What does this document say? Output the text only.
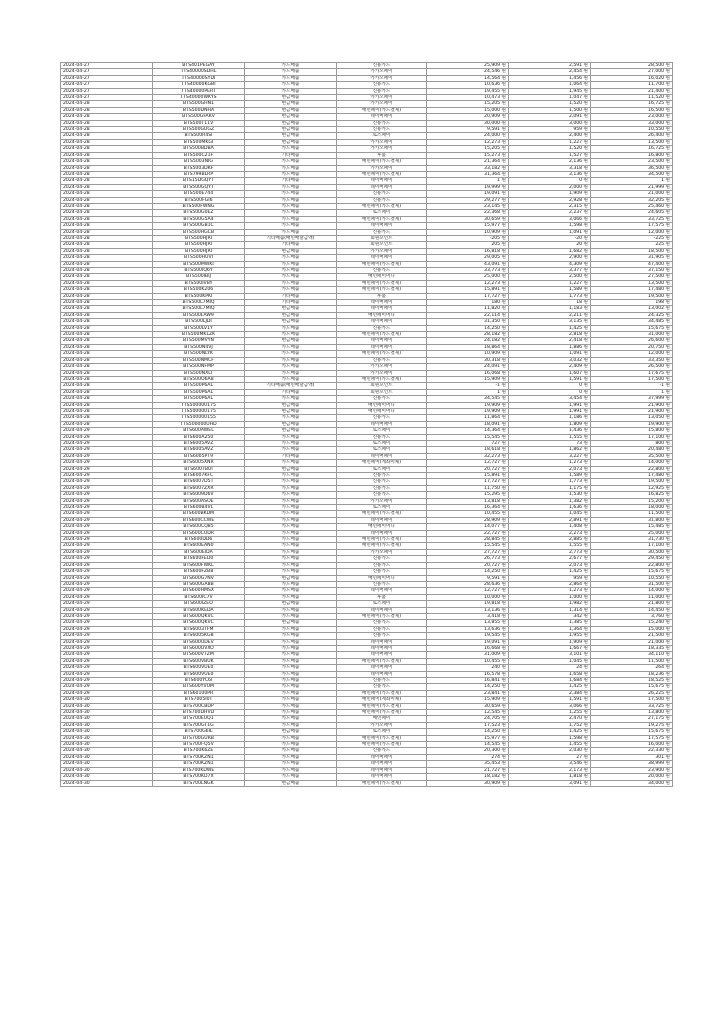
2024-04-27	BTS401PEGAY	카드매출	신용카드	25,909 원	2,591 원	28,500 원
2024-04-27	TTS40000SDHL	카드매출	카카오페이	24,546 원	2,454 원	27,000 원
2024-04-27	TTS40000SYDI	카드매출	카카오페이	14,564 원	1,456 원	16,020 원
2024-04-27	TTS40000KGBI	카드매출	신용카드	10,636 원	1,064 원	11,700 원
2024-04-27	TTS40000PERT	카드매출	신용카드	19,455 원	1,945 원	21,400 원
2024-04-27	TTS40000WKYS	현금매출	카카오페이	10,473 원	1,047 원	11,520 원
2024-04-28	BTS500GHN1	현금매출	카카오페이	15,205 원	1,520 원	16,725 원
2024-04-28	BTS500DNHA	현금매출	배민페이(카드결제)	15,000 원	1,500 원	16,500 원
2024-04-28	BTS500GFAKV	현금매출	네이버페이	20,909 원	2,091 원	23,000 원
2024-04-28	BTS500T11V	현금매출	신용카드	30,000 원	3,000 원	33,000 원
2024-04-28	BTS500GUGZ	현금매출	신용카드	9,591 원	959 원	10,550 원
2024-04-28	BTS500R4SI	현금매출	토스페이	24,000 원	2,400 원	26,400 원
2024-04-28	BTS500MKGI	현금매출	카카오페이	12,273 원	1,227 원	13,500 원
2024-04-28	BTS500BDBA	카드매출	카카오페이	15,205 원	1,520 원	16,725 원
2024-04-28	BTS500C21F	기타매출	후불	15,273 원	1,527 원	16,800 원
2024-04-28	BTS5003NIG	카드매출	배민페이(카드결제)	21,364 원	2,136 원	23,500 원
2024-04-28	BTS5003DKF	카드매출	카카오페이	33,182 원	3,318 원	36,500 원
2024-04-28	BTS799BLRP	카드매출	배민페이(카드결제)	31,364 원	3,136 원	34,500 원
2024-04-28	BTS15DGQYT	기타매출	네이버페이	1 원	0 원	1 원
2024-04-28	BTS500GQYT	카드매출	네이버페이	19,999 원	2,000 원	21,999 원
2024-04-28	BTS500E744	카드매출	신용카드	19,091 원	1,909 원	21,000 원
2024-04-28	BTS500FGI6	카드매출	신용카드	29,277 원	2,928 원	32,205 원
2024-04-28	BTS500FWNG	카드매출	배민페이(카드결제)	23,145 원	2,315 원	25,460 원
2024-04-28	BTS500G0EZ	카드매출	토스페이	22,368 원	2,237 원	24,605 원
2024-04-28	BTS500G5A4	카드매출	배민페이(카드결제)	30,659 원	3,066 원	33,725 원
2024-04-28	BTS500GB1C	카드매출	네이버페이	15,977 원	1,598 원	17,575 원
2024-04-28	BTS500HGCB	카드매출	신용카드	10,909 원	1,091 원	12,000 원
2024-04-28	BTS500HJRI	기타매출(배민배달금액)	회원포인트	-205 원	-20 원	-225 원
2024-04-28	BTS500HJRI	기타매출	회원포인트	205 원	20 원	225 원
2024-04-28	BTS500HJRI	현금매출	카카오페이	16,818 원	1,682 원	18,500 원
2024-04-28	BTS500HUVI	카드매출	네이버페이	29,005 원	2,900 원	31,905 원
2024-04-28	BTS500MWKI	카드매출	배민페이(카드결제)	43,091 원	4,309 원	47,400 원
2024-04-28	BTS500IQ6Y	카드매출	신용카드	33,773 원	3,377 원	37,150 원
2024-04-28	BTS500IBIJ	카드매출	배민페이머니	25,000 원	2,500 원	27,500 원
2024-04-28	BTS500IVBY	카드매출	배민페이(카드결제)	12,273 원	1,227 원	13,500 원
2024-04-28	BTS500K206	카드매출	배민페이(카드결제)	15,891 원	1,589 원	17,480 원
2024-04-28	BTS500KPKI	기타매출	후불	17,727 원	1,773 원	19,500 원
2024-04-28	BTS500L7MIQ	기타매출	네이버페이	180 원	18 원	198 원
2024-04-28	BTS500L7MIQ	현금매출	네이버페이	11,820 원	1,183 원	13,002 원
2024-04-28	BTS500LAW9	현금매출	배민페이머니	22,114 원	2,211 원	24,325 원
2024-04-28	BTS500LJDI	현금매출	네이버페이	31,350 원	3,135 원	34,485 원
2024-04-28	BTS500LV1Y	카드매출	신용카드	14,250 원	1,425 원	15,675 원
2024-04-28	BTS500MKLZK	카드매출	배민페이(카드결제)	28,182 원	2,818 원	31,000 원
2024-04-28	BTS500MVYN	현금매출	네이버페이	24,182 원	2,418 원	26,600 원
2024-04-28	BTS500N4VJ	카드매출	네이버페이	18,864 원	1,886 원	20,750 원
2024-04-28	BTS500NLYK	카드매출	배민페이(카드결제)	10,909 원	1,091 원	12,000 원
2024-04-28	BTS500NMCF	카드매출	신용카드	30,318 원	3,032 원	33,350 원
2024-04-28	BTS500NFMP	카드매출	카카오페이	24,091 원	2,409 원	26,500 원
2024-04-28	BTS500NXLT	카드매출	카카오페이	16,068 원	1,607 원	17,675 원
2024-04-28	BTS500O6A8	카드매출	배민페이(카드결제)	15,909 원	1,591 원	17,500 원
2024-04-28	BTS500P6AL	기타매출(배민배달금액)	회원포인트	-1 원	0 원	-1 원
2024-04-28	BTS500P6AL	기타매출	회원포인트	1 원	0 원	1 원
2024-04-28	BTS500P6AL	카드매출	신용카드	34,545 원	3,454 원	37,999 원
2024-04-28	TTS500000175	현금매출	배민페이머니	19,909 원	1,991 원	21,900 원
2024-04-28	TTS500000175	현금매출	배민페이머니	19,909 원	1,991 원	21,900 원
2024-04-28	TTS500000155	카드매출	신용카드	11,864 원	1,186 원	13,050 원
2024-04-28	TTS500000UHD	현금매출	네이버페이	18,091 원	1,809 원	19,900 원
2024-04-29	BTS600AWEL	현금매출	토스페이	14,364 원	1,436 원	15,800 원
2024-04-29	BTS600A250	카드매출	신용카드	15,545 원	1,555 원	17,100 원
2024-04-29	BTS6005AVZ	카드매출	토스페이	727 원	73 원	800 원
2024-04-29	BTS6005AVZ	카드매출	토스페이	18,618 원	1,862 원	20,480 원
2024-04-29	BTS6005PT9	기타매출	네이버페이	32,273 원	3,227 원	35,500 원
2024-04-29	BTS6005XNR	카드매출	배민페이(계좌이체)	12,727 원	1,273 원	14,000 원
2024-04-29	BTS6007BUI	현금매출	토스페이	20,727 원	2,073 원	22,800 원
2024-04-29	BTS6007KFC	카드매출	신용카드	15,891 원	1,589 원	17,480 원
2024-04-29	BTS6007D5T	카드매출	신용카드	17,727 원	1,773 원	19,500 원
2024-04-29	BTS6007ZXR	카드매출	신용카드	11,750 원	1,175 원	12,925 원
2024-04-29	BTS6009D6V	카드매출	신용카드	15,295 원	1,530 원	16,825 원
2024-04-29	BTS600ASOE	카드매출	카카오페이	13,818 원	1,382 원	15,200 원
2024-04-29	BTS600B4VL	카드매출	토스페이	16,364 원	1,636 원	18,000 원
2024-04-29	BTS600BKDM	카드매출	배민페이(카드결제)	10,455 원	1,045 원	11,500 원
2024-04-29	BTS600CCWE	카드매출	네이버페이	28,909 원	2,891 원	31,800 원
2024-04-29	BTS600CQ85	카드매출	배민페이머니	14,077 원	1,408 원	15,485 원
2024-04-29	BTS600CUDR	카드매출	네이버페이	22,727 원	2,273 원	25,000 원
2024-04-29	BTS600DD6	카드매출	배민페이(카드결제)	28,845 원	2,885 원	31,730 원
2024-04-29	BTS600EAN0	카드매출	배민페이(카드결제)	15,545 원	1,555 원	17,100 원
2024-04-29	BTS600EIDA	카드매출	카카오페이	27,727 원	2,773 원	30,500 원
2024-04-29	BTS600FED0	카드매출	신용카드	26,773 원	2,677 원	29,450 원
2024-04-29	BTS600FWKL	카드매출	신용카드	20,727 원	2,073 원	22,800 원
2024-04-29	BTS600FZB8	카드매출	신용카드	14,250 원	1,425 원	15,675 원
2024-04-29	BTS600G7NV	현금매출	배민페이머니	9,591 원	959 원	10,550 원
2024-04-29	BTS600GA8B	카드매출	신용카드	28,636 원	2,864 원	31,500 원
2024-04-29	BTS600HMSX	카드매출	네이버페이	12,727 원	1,273 원	14,000 원
2024-04-29	BTS600IC7V	카드매출	후불	10,000 원	1,000 원	11,000 원
2024-04-29	BTS600IZEO	현금매출	토스페이	19,818 원	1,982 원	21,800 원
2024-04-29	BTS600KEDA	카드매출	네이버페이	13,136 원	1,314 원	14,450 원
2024-04-29	BTS600QKVC	카드매출	배민페이(카드결제)	3,418 원	342 원	3,760 원
2024-04-29	BTS600QKVC	현금매출	신용카드	13,855 원	1,385 원	15,240 원
2024-04-29	BTS6003TFM	카드매출	신용카드	13,636 원	1,364 원	15,000 원
2024-04-29	BTS6005KG8	카드매출	신용카드	19,545 원	1,955 원	21,500 원
2024-04-29	BTS600UDEV	카드매출	네이버페이	19,091 원	1,909 원	21,000 원
2024-04-29	BTS600UVXO	카드매출	네이버페이	16,668 원	1,667 원	18,335 원
2024-04-29	BTS600V7ZM	카드매출	네이버페이	31,009 원	3,101 원	34,110 원
2024-04-29	BTS600VBUK	카드매출	배민페이(카드결제)	10,455 원	1,045 원	11,500 원
2024-04-29	BTS600VUE0	카드매출	네이버페이	240 원	24 원	264 원
2024-04-29	BTS600VUE0	카드매출	네이버페이	16,578 원	1,658 원	18,236 원
2024-04-29	BTS600YC6I	카드매출	신용카드	16,841 원	1,684 원	18,525 원
2024-04-29	BTS600YVUM	카드매출	신용카드	14,250 원	1,425 원	15,675 원
2024-04-29	BTS60100PR	카드매출	배민페이(카드결제)	23,841 원	2,384 원	26,225 원
2024-04-30	BTS7005I0T	카드매출	배민페이(계좌이체)	15,909 원	1,591 원	17,500 원
2024-04-30	BTS700CBDP	카드매출	배민페이(카드결제)	30,659 원	3,066 원	33,725 원
2024-04-30	BTS700DHVD	카드매출	배민페이(카드결제)	12,545 원	1,255 원	13,800 원
2024-04-30	BTS700EUQ1	카드매출	배민페이	24,705 원	2,470 원	27,175 원
2024-04-30	BTS700GT1G	카드매출	카카오페이	17,523 원	1,752 원	19,275 원
2024-04-30	BTS700G6IL	현금매출	토스페이	14,250 원	1,425 원	15,675 원
2024-04-30	BTS700GURB	카드매출	배민페이(카드결제)	15,977 원	1,598 원	17,575 원
2024-04-30	BTS700I-Q5V	카드매출	배민페이(카드결제)	14,545 원	1,455 원	16,000 원
2024-04-30	BTS700K6ZE	카드매출	신용카드	20,300 원	2,030 원	22,330 원
2024-04-30	BTS700KZN1	카드매출	네이버페이	274 원	27 원	301 원
2024-04-30	BTS700KZN1	카드매출	네이버페이	35,453 원	3,546 원	38,999 원
2024-04-30	BTS700KDWE	카드매출	네이버페이	21,727 원	2,173 원	23,900 원
2024-04-30	BTS700KD7X	카드매출	네이버페이	18,182 원	1,818 원	20,000 원
2024-04-30	BTS700LNGK	현금매출	배민페이(카드결제)	30,909 원	3,091 원	34,000 원
